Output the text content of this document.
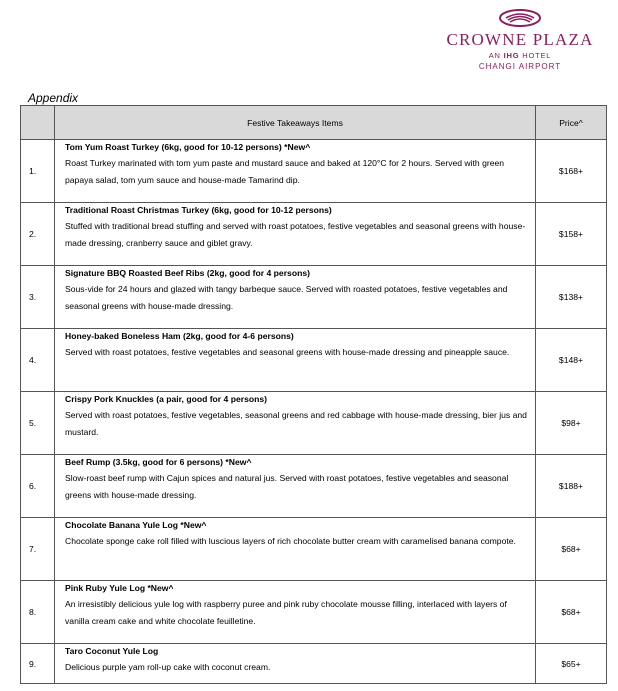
CROWNE PLAZA
AN IHG HOTEL
CHANGI AIRPORT
Appendix
	Festive Takeaways Items	Price^
1.	Tom Yum Roast Turkey (6kg, good for 10-12 persons) *New^
Roast Turkey marinated with tom yum paste and mustard sauce and baked at 120°C for 2 hours. Served with green papaya salad, tom yum sauce and house-made Tamarind dip.	$168+
2.	Traditional Roast Christmas Turkey (6kg, good for 10-12 persons)
Stuffed with traditional bread stuffing and served with roast potatoes, festive vegetables and seasonal greens with house-made dressing, cranberry sauce and giblet gravy.	$158+
3.	Signature BBQ Roasted Beef Ribs (2kg, good for 4 persons)
Sous-vide for 24 hours and glazed with tangy barbeque sauce. Served with roasted potatoes, festive vegetables and seasonal greens with house-made dressing.	$138+
4.	Honey-baked Boneless Ham (2kg, good for 4-6 persons)
Served with roast potatoes, festive vegetables and seasonal greens with house-made dressing and pineapple sauce.	$148+
5.	Crispy Pork Knuckles (a pair, good for 4 persons)
Served with roast potatoes, festive vegetables, seasonal greens and red cabbage with house-made dressing, bier jus and mustard.	$98+
6.	Beef Rump (3.5kg, good for 6 persons) *New^
Slow-roast beef rump with Cajun spices and natural jus. Served with roast potatoes, festive vegetables and seasonal greens with house-made dressing.	$188+
7.	Chocolate Banana Yule Log *New^
Chocolate sponge cake roll filled with luscious layers of rich chocolate butter cream with caramelised banana compote.	$68+
8.	Pink Ruby Yule Log *New^
An irresistibly delicious yule log with raspberry puree and pink ruby chocolate mousse filling, interlaced with layers of vanilla cream cake and white chocolate feuilletine.	$68+
9.	Taro Coconut Yule Log
Delicious purple yam roll-up cake with coconut cream.	$65+
